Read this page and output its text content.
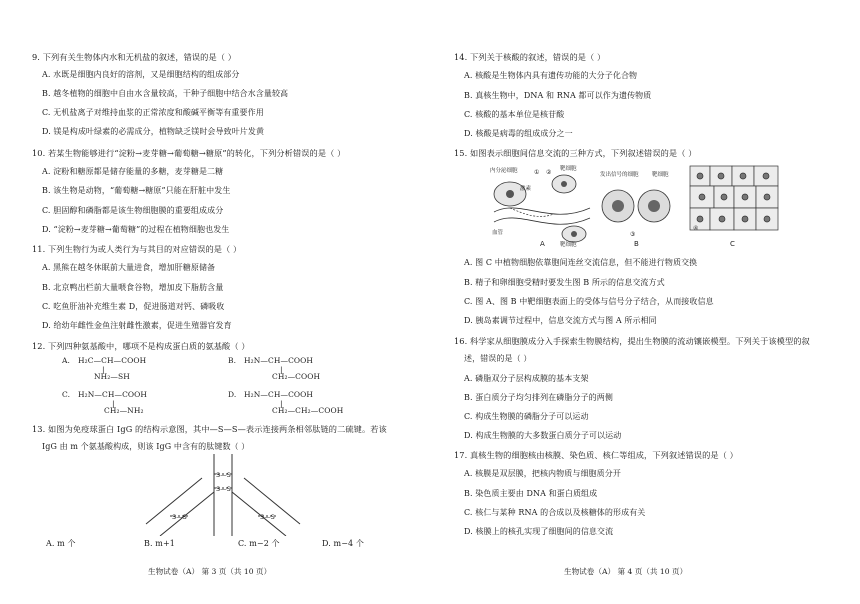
9. 下列有关生物体内水和无机盐的叙述，错误的是（ ）
A. 水既是细胞内良好的溶剂，又是细胞结构的组成部分
B. 越冬植物的细胞中自由水含量较高，干种子细胞中结合水含量较高
C. 无机盐离子对维持血浆的正常浓度和酸碱平衡等有重要作用
D. 镁是构成叶绿素的必需成分，植物缺乏镁时会导致叶片发黄
10. 若某生物能够进行“淀粉→麦芽糖→葡萄糖→糖原”的转化，下列分析错误的是（ ）
A. 淀粉和糖原都是储存能量的多糖，麦芽糖是二糖
B. 该生物是动物，“葡萄糖→糖原”只能在肝脏中发生
C. 胆固醇和磷脂都是该生物细胞膜的重要组成成分
D. “淀粉→麦芽糖→葡萄糖”的过程在植物细胞也发生
11. 下列生物行为或人类行为与其目的对应错误的是（ ）
A. 黑熊在越冬休眠前大量进食，增加肝糖原储备
B. 北京鸭出栏前大量喂食谷物，增加皮下脂肪含量
C. 吃鱼肝油补充维生素 D，促进肠道对钙、磷吸收
D. 给幼年雌性金鱼注射雌性激素，促进生殖器官发育
12. 下列四种氨基酸中，哪项不是构成蛋白质的氨基酸（ ）
A. H₂C—CH—COOH
|
NH₂—SH
B. H₂N—CH—COOH
|
CH₂—COOH
C. H₂N—CH—COOH
|
CH₂—NH₂
D. H₂N—CH—COOH
|
CH₂—CH₂—COOH
13. 如图为免疫球蛋白 IgG 的结构示意图，其中—S—S—表示连接两条相邻肽链的二硫键。若该
IgG 由 m 个氨基酸构成，则该 IgG 中含有的肽键数（ ）
S—S
S—S
S—S	S—S
A. m 个	B. m+1	C. m−2 个	D. m−4 个
生物试卷（A） 第 3 页（共 10 页）
14. 下列关于核酸的叙述，错误的是（ ）
A. 核酸是生物体内具有遗传功能的大分子化合物
B. 真核生物中，DNA 和 RNA 都可以作为遗传物质
C. 核酸的基本单位是核苷酸
D. 核酸是病毒的组成成分之一
15. 如图表示细胞间信息交流的三种方式，下列叙述错误的是（ ）
内分泌细胞
激素
靶细胞
血管
靶细胞
① ②	发出信号的细胞 靶细胞
③
④
A	B	C
A. 图 C 中植物细胞依靠胞间连丝交流信息，但不能进行物质交换
B. 精子和卵细胞受精时要发生图 B 所示的信息交流方式
C. 图 A、图 B 中靶细胞表面上的受体与信号分子结合，从而接收信息
D. 胰岛素调节过程中，信息交流方式与图 A 所示相同
16. 科学家从细胞膜成分入手探索生物膜结构，提出生物膜的流动镶嵌模型。下列关于该模型的叙
述，错误的是（ ）
A. 磷脂双分子层构成膜的基本支架
B. 蛋白质分子均匀排列在磷脂分子的两侧
C. 构成生物膜的磷脂分子可以运动
D. 构成生物膜的大多数蛋白质分子可以运动
17. 真核生物的细胞核由核膜、染色质、核仁等组成，下列叙述错误的是（ ）
A. 核膜是双层膜，把核内物质与细胞质分开
B. 染色质主要由 DNA 和蛋白质组成
C. 核仁与某种 RNA 的合成以及核糖体的形成有关
D. 核膜上的核孔实现了细胞间的信息交流
生物试卷（A） 第 4 页（共 10 页）
